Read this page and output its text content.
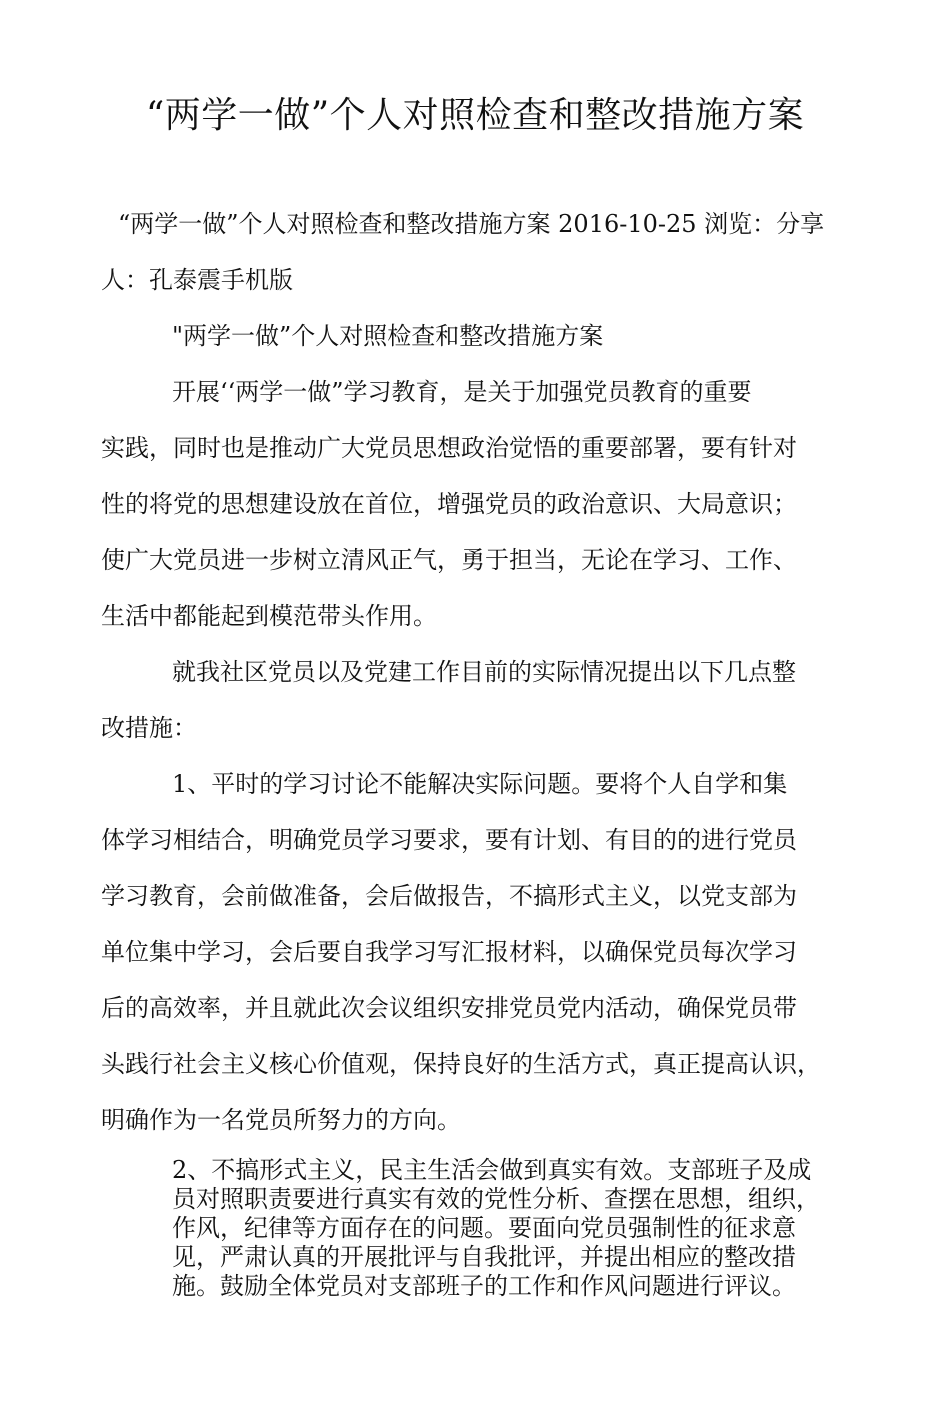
“两学一做”个人对照检查和整改措施方案
“两学一做”个人对照检查和整改措施方案 2016-10-25 浏览：分享
人：孔泰震手机版
"两学一做”个人对照检查和整改措施方案
开展‘‘两学一做”学习教育，是关于加强党员教育的重要
实践，同时也是推动广大党员思想政治觉悟的重要部署，要有针对
性的将党的思想建设放在首位，增强党员的政治意识、大局意识；
使广大党员进一步树立清风正气，勇于担当，无论在学习、工作、
生活中都能起到模范带头作用。
就我社区党员以及党建工作目前的实际情况提出以下几点整
改措施：
1、平时的学习讨论不能解决实际问题。要将个人自学和集
体学习相结合，明确党员学习要求，要有计划、有目的的进行党员
学习教育，会前做准备，会后做报告，不搞形式主义，以党支部为
单位集中学习，会后要自我学习写汇报材料，以确保党员每次学习
后的高效率，并且就此次会议组织安排党员党内活动，确保党员带
头践行社会主义核心价值观，保持良好的生活方式，真正提高认识，
明确作为一名党员所努力的方向。
2、不搞形式主义，民主生活会做到真实有效。支部班子及成
员对照职责要进行真实有效的党性分析、查摆在思想，组织，
作风，纪律等方面存在的问题。要面向党员强制性的征求意
见，严肃认真的开展批评与自我批评，并提出相应的整改措
施。鼓励全体党员对支部班子的工作和作风问题进行评议。
